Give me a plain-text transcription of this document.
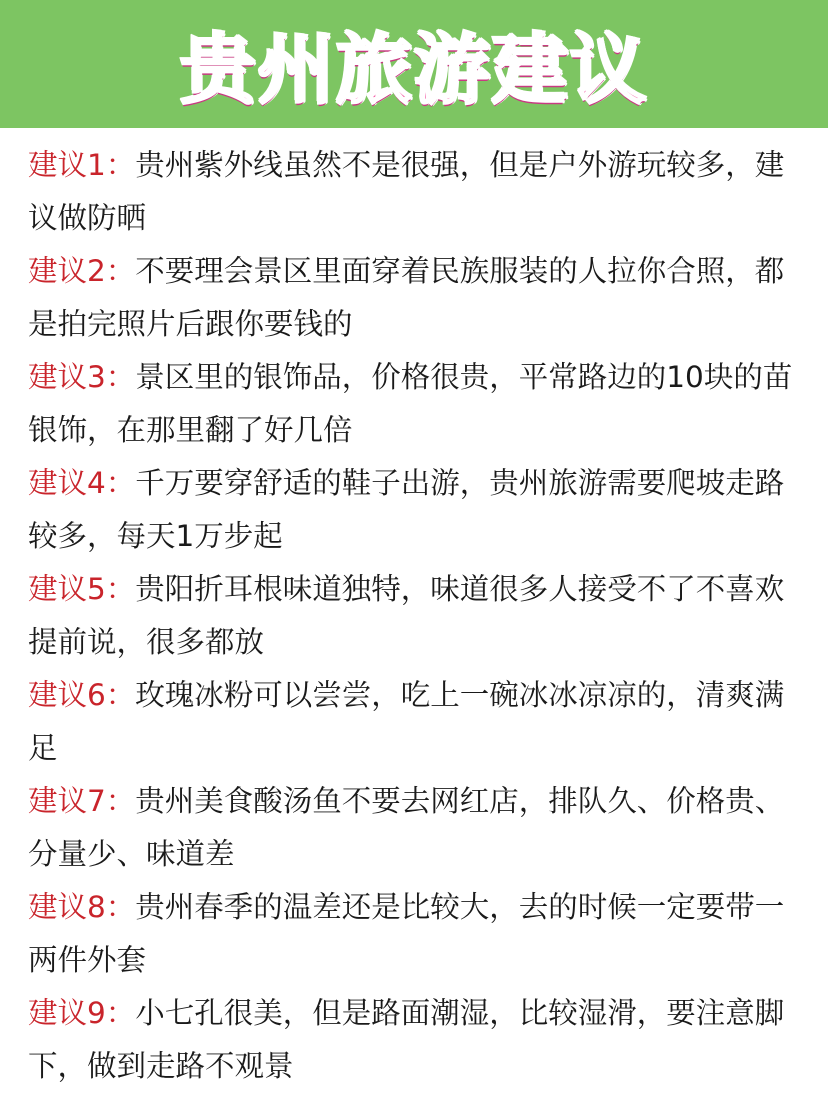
贵州旅游建议
建议1：贵州紫外线虽然不是很强，但是户外游玩较多，建议做防晒
建议2：不要理会景区里面穿着民族服装的人拉你合照，都是拍完照片后跟你要钱的
建议3：景区里的银饰品，价格很贵，平常路边的10块的苗银饰，在那里翻了好几倍
建议4：千万要穿舒适的鞋子出游，贵州旅游需要爬坡走路较多，每天1万步起
建议5：贵阳折耳根味道独特，味道很多人接受不了不喜欢提前说，很多都放
建议6：玫瑰冰粉可以尝尝，吃上一碗冰冰凉凉的，清爽满足
建议7：贵州美食酸汤鱼不要去网红店，排队久、价格贵、分量少、味道差
建议8：贵州春季的温差还是比较大，去的时候一定要带一两件外套
建议9：小七孔很美，但是路面潮湿，比较湿滑，要注意脚下，做到走路不观景
